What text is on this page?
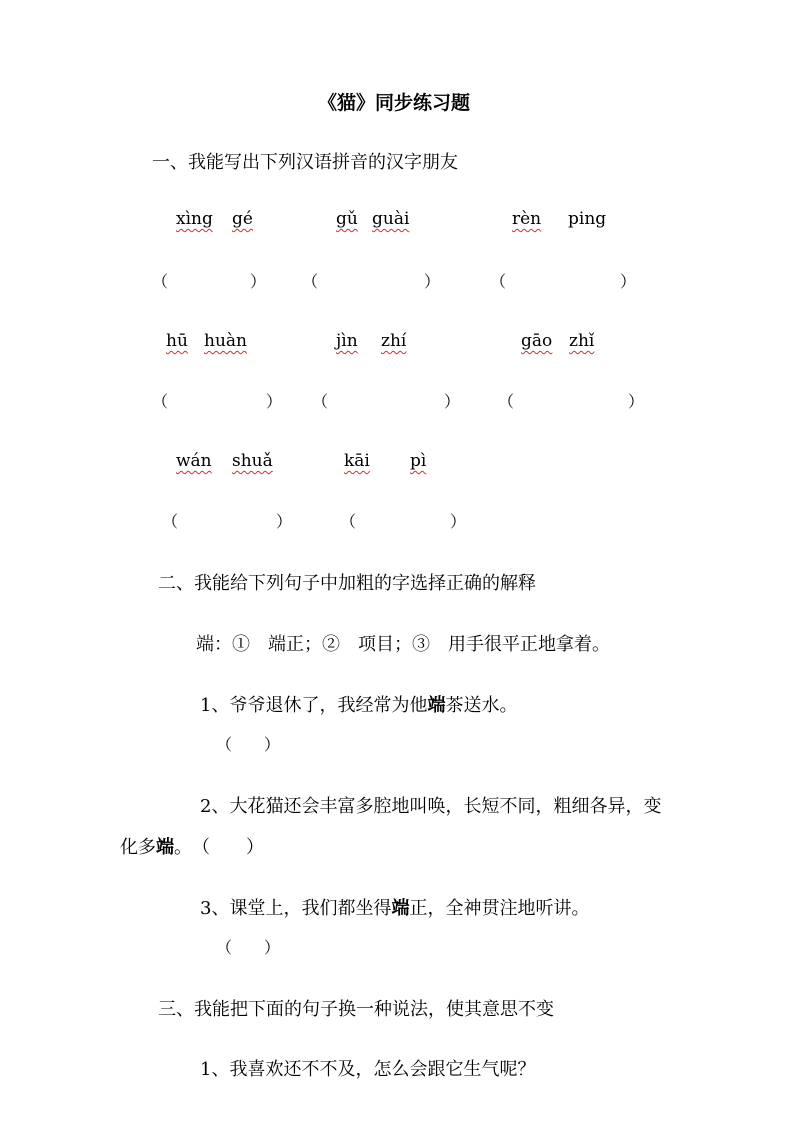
《猫》同步练习题
一、我能写出下列汉语拼音的汉字朋友
xìng gé	gǔ guài	rèn ping
（	） （	）	（	）
hū huàn	jìn zhí	gāo zhǐ
（	） （	） （	）
wán shuǎ	kāi pì
（	）	（	）
二、我能给下列句子中加粗的字选择正确的解释
端：①　端正；②　项目；③　用手很平正地拿着。
1、爷爷退休了，我经常为他端茶送水。
（　　）
2、大花猫还会丰富多腔地叫唤，长短不同，粗细各异，变
化多端。　（　　）
3、课堂上，我们都坐得端正，全神贯注地听讲。
（　　）
三、我能把下面的句子换一种说法，使其意思不变
1、我喜欢还不不及，怎么会跟它生气呢？
